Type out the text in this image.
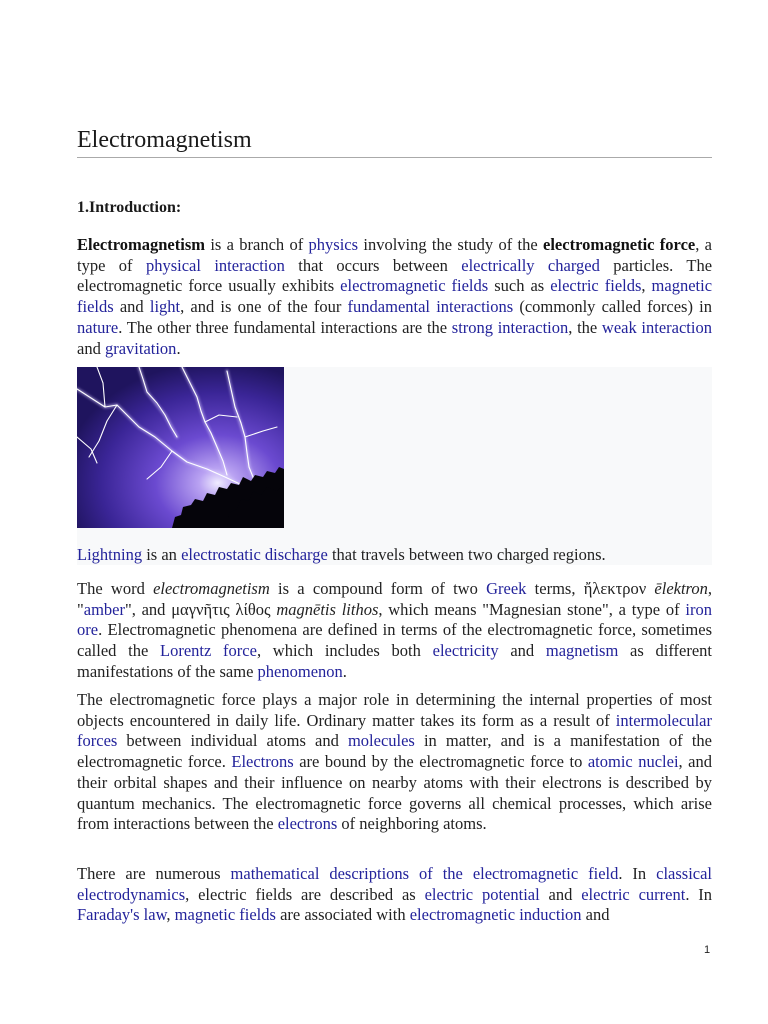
Electromagnetism
1.Introduction:

Electromagnetism is a branch of physics involving the study of the electromagnetic force, a type of physical interaction that occurs between electrically charged particles. The electromagnetic force usually exhibits electromagnetic fields such as electric fields, magnetic fields and light, and is one of the four fundamental interactions (commonly called forces) in nature. The other three fundamental interactions are the strong interaction, the weak interaction and gravitation.

Lightning is an electrostatic discharge that travels between two charged regions.

The word electromagnetism is a compound form of two Greek terms, ἤλεκτρον ēlektron, "amber", and μαγνῆτις λίθος magnētis lithos, which means "Magnesian stone", a type of iron ore. Electromagnetic phenomena are defined in terms of the electromagnetic force, sometimes called the Lorentz force, which includes both electricity and magnetism as different manifestations of the same phenomenon.

The electromagnetic force plays a major role in determining the internal properties of most objects encountered in daily life. Ordinary matter takes its form as a result of intermolecular forces between individual atoms and molecules in matter, and is a manifestation of the electromagnetic force. Electrons are bound by the electromagnetic force to atomic nuclei, and their orbital shapes and their influence on nearby atoms with their electrons is described by quantum mechanics. The electromagnetic force governs all chemical processes, which arise from interactions between the electrons of neighboring atoms.

There are numerous mathematical descriptions of the electromagnetic field. In classical electrodynamics, electric fields are described as electric potential and electric current. In Faraday's law, magnetic fields are associated with electromagnetic induction and

1
